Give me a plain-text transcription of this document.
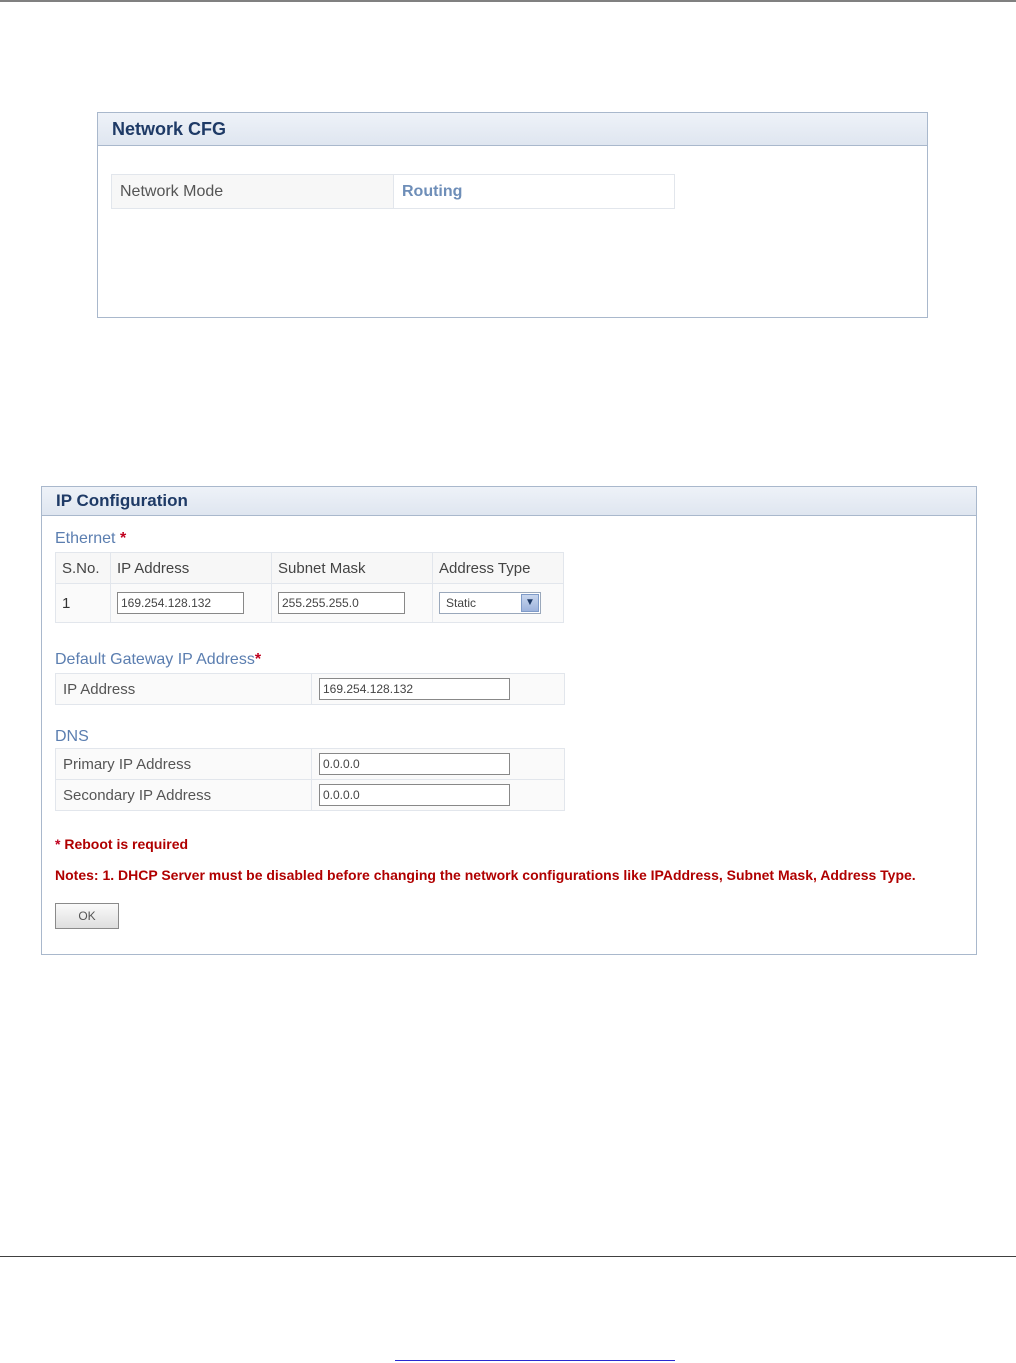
Network CFG
Network Mode	Routing
IP Configuration
Ethernet *
S.No.	IP Address	Subnet Mask	Address Type
1	169.254.128.132	255.255.255.0	Static ▼
Default Gateway IP Address*
IP Address	169.254.128.132
DNS
Primary IP Address	0.0.0.0
Secondary IP Address	0.0.0.0
* Reboot is required
Notes: 1. DHCP Server must be disabled before changing the network configurations like IPAddress, Subnet Mask, Address Type.
OK
